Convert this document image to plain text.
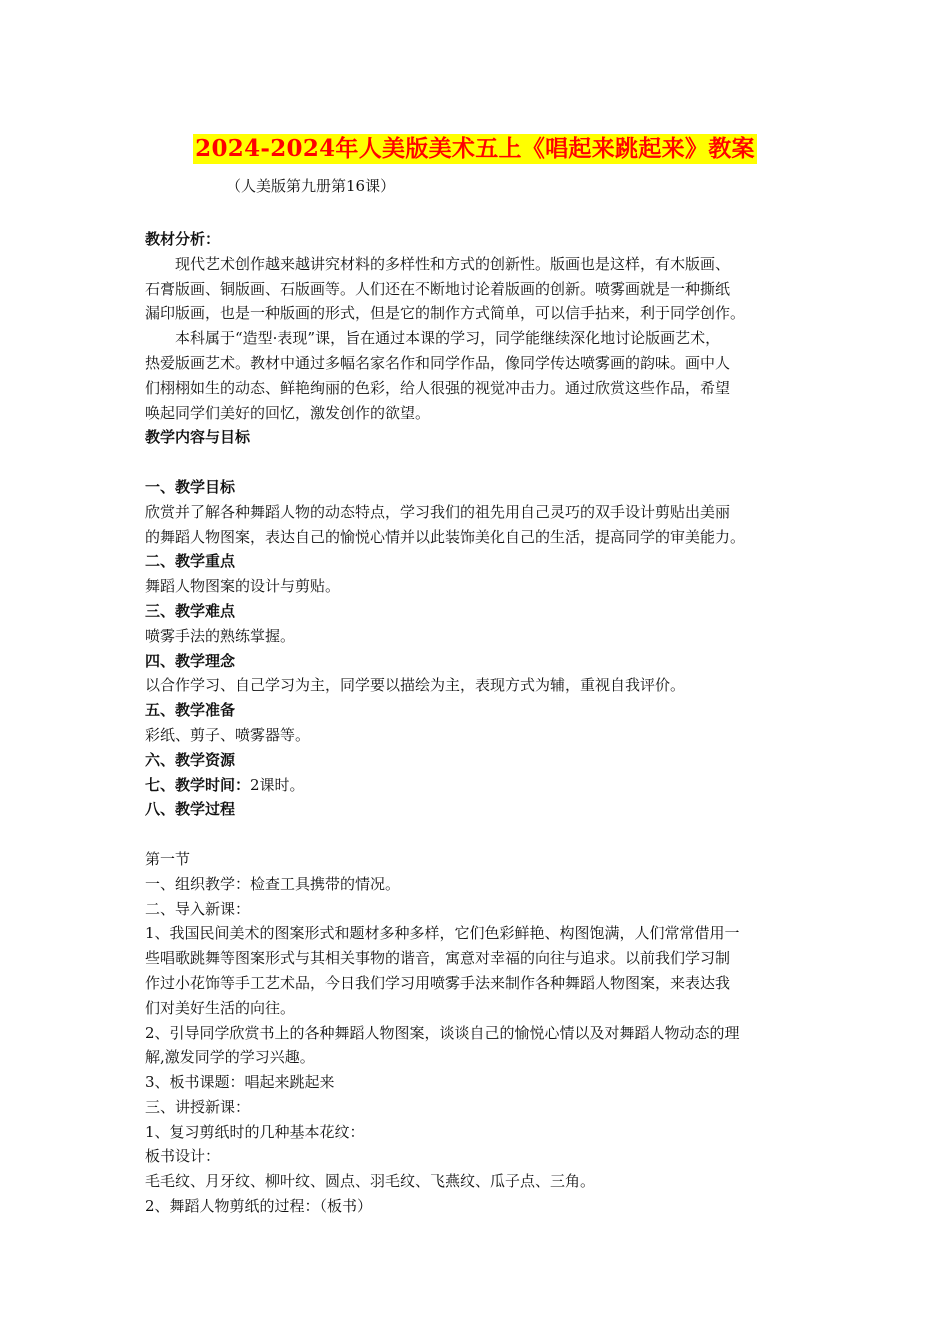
2024-2024年人美版美术五上《唱起来跳起来》教案
（人美版第九册第16课）
教材分析：
现代艺术创作越来越讲究材料的多样性和方式的创新性。版画也是这样，有木版画、
石膏版画、铜版画、石版画等。人们还在不断地讨论着版画的创新。喷雾画就是一种撕纸
漏印版画，也是一种版画的形式，但是它的制作方式简单，可以信手拈来，利于同学创作。
本科属于“造型·表现”课，旨在通过本课的学习，同学能继续深化地讨论版画艺术，
热爱版画艺术。教材中通过多幅名家名作和同学作品，像同学传达喷雾画的韵味。画中人
们栩栩如生的动态、鲜艳绚丽的色彩，给人很强的视觉冲击力。通过欣赏这些作品，希望
唤起同学们美好的回忆，激发创作的欲望。
教学内容与目标
一、教学目标
欣赏并了解各种舞蹈人物的动态特点，学习我们的祖先用自己灵巧的双手设计剪贴出美丽
的舞蹈人物图案，表达自己的愉悦心情并以此装饰美化自己的生活，提高同学的审美能力。
二、教学重点
舞蹈人物图案的设计与剪贴。
三、教学难点
喷雾手法的熟练掌握。
四、教学理念
以合作学习、自己学习为主，同学要以描绘为主，表现方式为辅，重视自我评价。
五、教学准备
彩纸、剪子、喷雾器等。
六、教学资源
七、教学时间：2课时。
八、教学过程
第一节
一、组织教学：检查工具携带的情况。
二、导入新课：
1、我国民间美术的图案形式和题材多种多样，它们色彩鲜艳、构图饱满，人们常常借用一
些唱歌跳舞等图案形式与其相关事物的谐音，寓意对幸福的向往与追求。以前我们学习制
作过小花饰等手工艺术品，今日我们学习用喷雾手法来制作各种舞蹈人物图案，来表达我
们对美好生活的向往。
2、引导同学欣赏书上的各种舞蹈人物图案，谈谈自己的愉悦心情以及对舞蹈人物动态的理
解,激发同学的学习兴趣。
3、板书课题：唱起来跳起来
三、讲授新课：
1、复习剪纸时的几种基本花纹：
板书设计：
毛毛纹、月牙纹、柳叶纹、圆点、羽毛纹、飞燕纹、瓜子点、三角。
2、舞蹈人物剪纸的过程：（板书）
